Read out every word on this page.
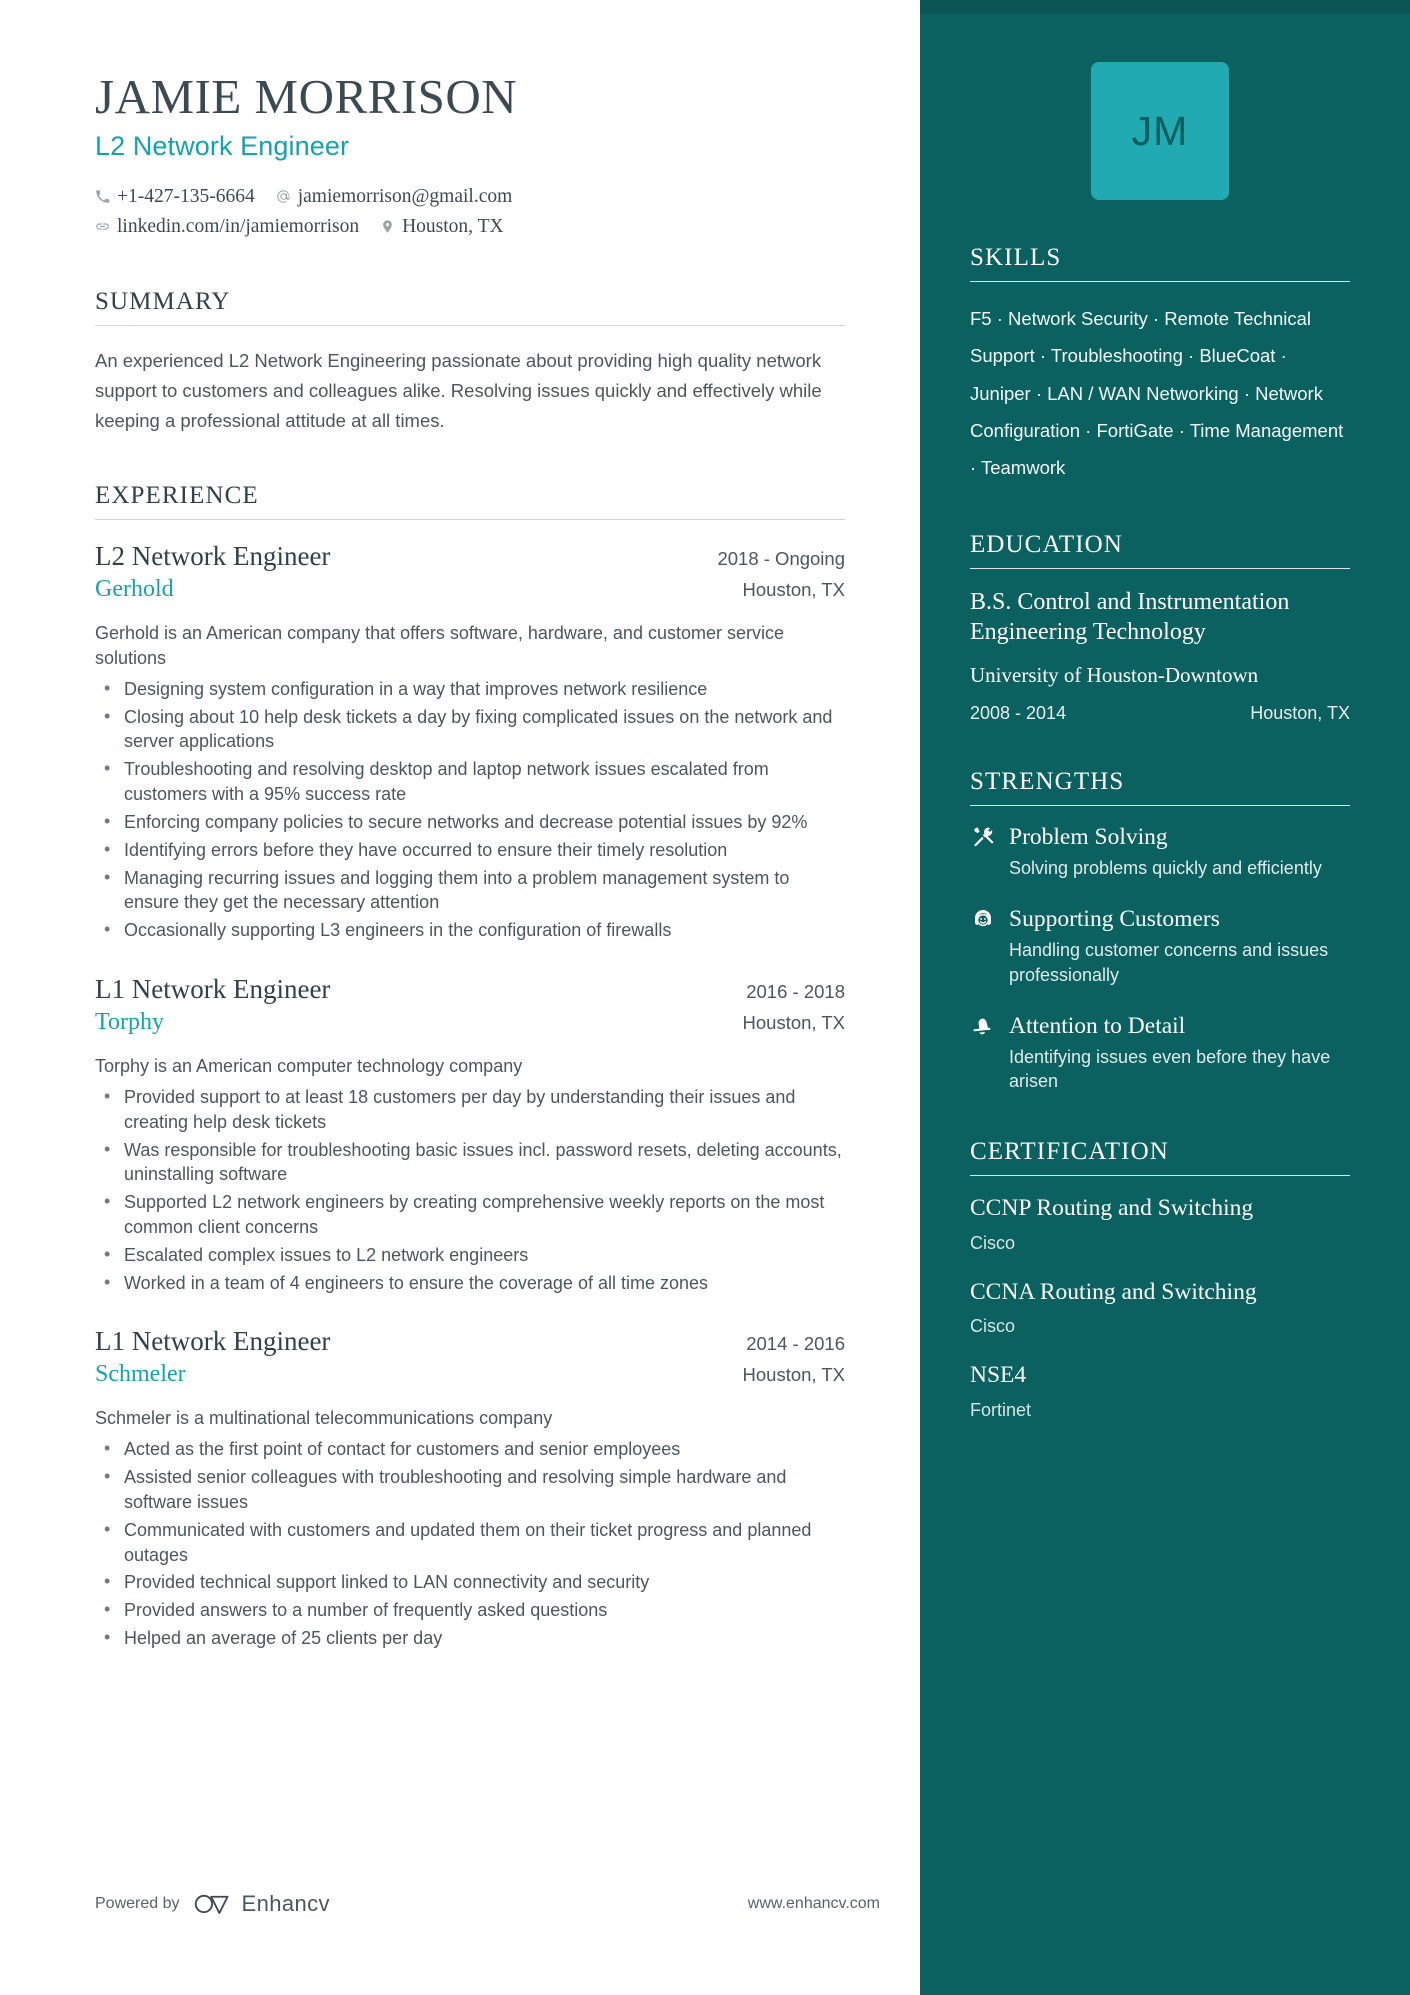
JAMIE MORRISON
L2 Network Engineer
+1-427-135-6664 jamiemorrison@gmail.com
linkedin.com/in/jamiemorrison Houston, TX
SUMMARY
An experienced L2 Network Engineering passionate about providing high quality network support to customers and colleagues alike. Resolving issues quickly and effectively while keeping a professional attitude at all times.
EXPERIENCE
L2 Network Engineer	2018 - Ongoing
Gerhold	Houston, TX
Gerhold is an American company that offers software, hardware, and customer service solutions
• Designing system configuration in a way that improves network resilience
• Closing about 10 help desk tickets a day by fixing complicated issues on the network and server applications
• Troubleshooting and resolving desktop and laptop network issues escalated from customers with a 95% success rate
• Enforcing company policies to secure networks and decrease potential issues by 92%
• Identifying errors before they have occurred to ensure their timely resolution
• Managing recurring issues and logging them into a problem management system to ensure they get the necessary attention
• Occasionally supporting L3 engineers in the configuration of firewalls
L1 Network Engineer	2016 - 2018
Torphy	Houston, TX
Torphy is an American computer technology company
• Provided support to at least 18 customers per day by understanding their issues and creating help desk tickets
• Was responsible for troubleshooting basic issues incl. password resets, deleting accounts, uninstalling software
• Supported L2 network engineers by creating comprehensive weekly reports on the most common client concerns
• Escalated complex issues to L2 network engineers
• Worked in a team of 4 engineers to ensure the coverage of all time zones
L1 Network Engineer	2014 - 2016
Schmeler	Houston, TX
Schmeler is a multinational telecommunications company
• Acted as the first point of contact for customers and senior employees
• Assisted senior colleagues with troubleshooting and resolving simple hardware and software issues
• Communicated with customers and updated them on their ticket progress and planned outages
• Provided technical support linked to LAN connectivity and security
• Provided answers to a number of frequently asked questions
• Helped an average of 25 clients per day
Powered by	Enhancv	www.enhancv.com
JM
SKILLS
F5 · Network Security · Remote Technical Support · Troubleshooting · BlueCoat · Juniper · LAN / WAN Networking · Network Configuration · FortiGate · Time Management · Teamwork
EDUCATION
B.S. Control and Instrumentation Engineering Technology
University of Houston-Downtown
2008 - 2014	Houston, TX
STRENGTHS
Problem Solving
Solving problems quickly and efficiently
Supporting Customers
Handling customer concerns and issues professionally
Attention to Detail
Identifying issues even before they have arisen
CERTIFICATION
CCNP Routing and Switching
Cisco
CCNA Routing and Switching
Cisco
NSE4
Fortinet
